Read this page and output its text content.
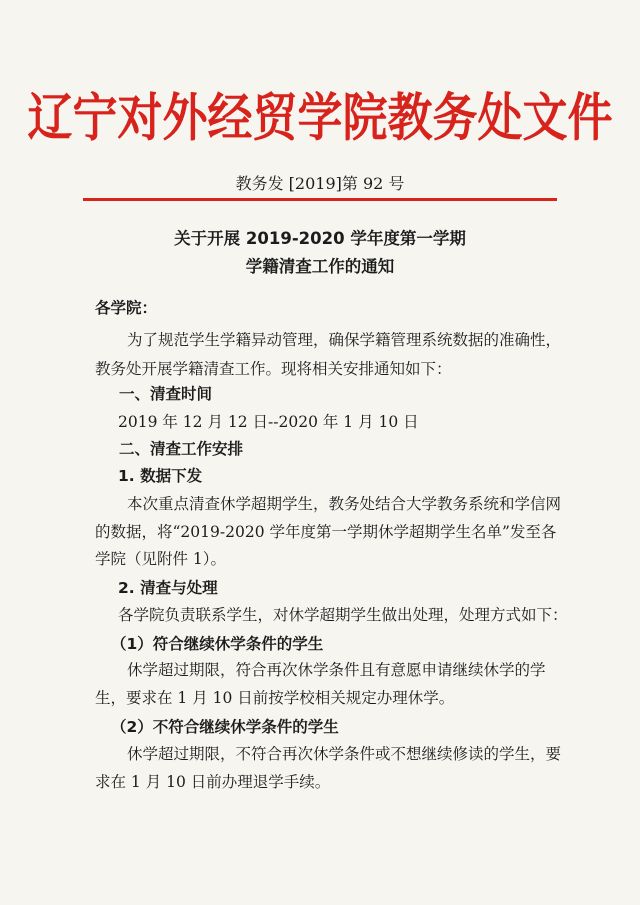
辽宁对外经贸学院教务处文件
教务发 [2019]第 92 号
关于开展 2019-2020 学年度第一学期
学籍清查工作的通知
各学院：
为了规范学生学籍异动管理，确保学籍管理系统数据的准确性，
教务处开展学籍清查工作。现将相关安排通知如下：
一、清查时间
2019 年 12 月 12 日--2020 年 1 月 10 日
二、清查工作安排
1. 数据下发
本次重点清查休学超期学生，教务处结合大学教务系统和学信网
的数据，将“2019-2020 学年度第一学期休学超期学生名单”发至各
学院（见附件 1）。
2. 清查与处理
各学院负责联系学生，对休学超期学生做出处理，处理方式如下：
（1）符合继续休学条件的学生
休学超过期限，符合再次休学条件且有意愿申请继续休学的学
生，要求在 1 月 10 日前按学校相关规定办理休学。
（2）不符合继续休学条件的学生
休学超过期限，不符合再次休学条件或不想继续修读的学生，要
求在 1 月 10 日前办理退学手续。
